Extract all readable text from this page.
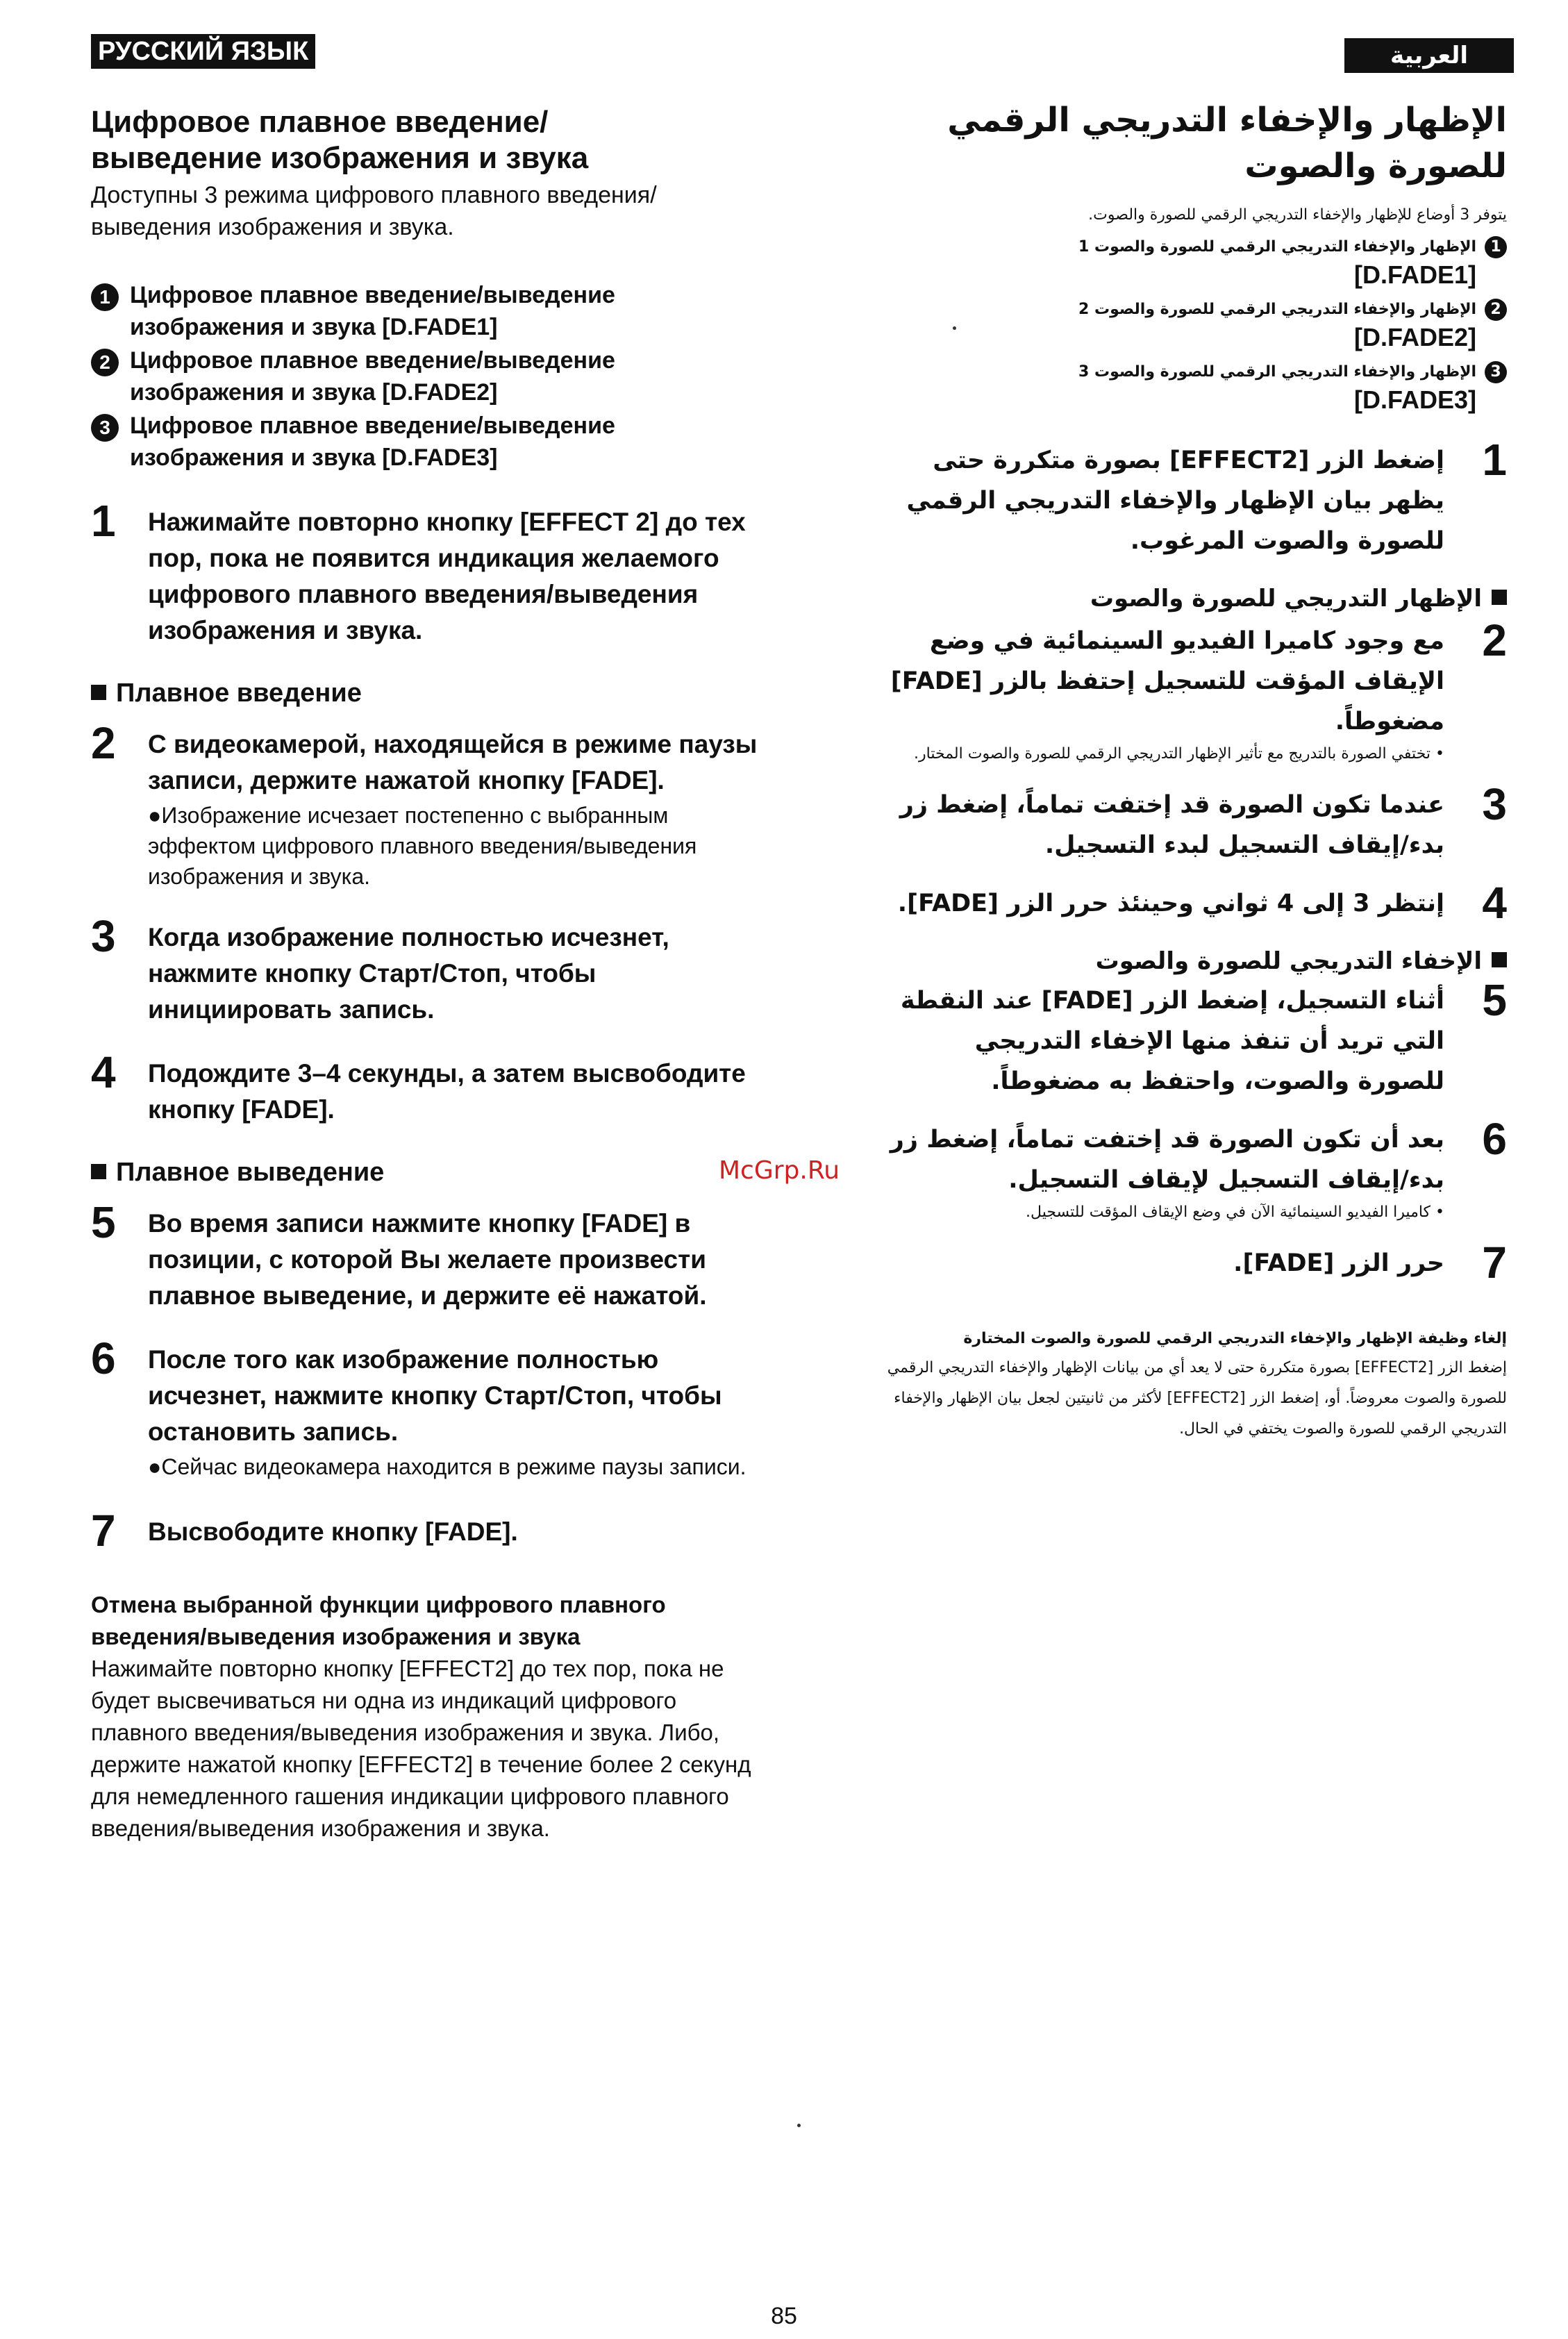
РУССКИЙ ЯЗЫК	العربية
Цифровое плавное введение/
выведение изображения и звука

Доступны 3 режима цифрового плавного введения/ выведения изображения и звука.

1 Цифровое плавное введение/выведение изображения и звука [D.FADE1]
2 Цифровое плавное введение/выведение изображения и звука [D.FADE2]
3 Цифровое плавное введение/выведение изображения и звука [D.FADE3]
1 Нажимайте повторно кнопку [EFFECT 2] до тех пор, пока не появится индикация желаемого цифрового плавного введения/выведения изображения и звука.
Плавное введение
2 С видеокамерой, находящейся в режиме паузы записи, держите нажатой кнопку [FADE].
●Изображение исчезает постепенно с выбранным эффектом цифрового плавного введения/выведения изображения и звука.
3 Когда изображение полностью исчезнет, нажмите кнопку Старт/Стоп, чтобы инициировать запись.
4 Подождите 3–4 секунды, а затем высвободите кнопку [FADE].
Плавное выведение
5 Во время записи нажмите кнопку [FADE] в позиции, с которой Вы желаете произвести плавное выведение, и держите её нажатой.
6 После того как изображение полностью исчезнет, нажмите кнопку Старт/Стоп, чтобы остановить запись.
●Сейчас видеокамера находится в режиме паузы записи.
7 Высвободите кнопку [FADE].
Отмена выбранной функции цифрового плавного введения/выведения изображения и звука
Нажимайте повторно кнопку [EFFECT2] до тех пор, пока не будет высвечиваться ни одна из индикаций цифрового плавного введения/выведения изображения и звука. Либо, держите нажатой кнопку [EFFECT2] в течение более 2 секунд для немедленного гашения индикации цифрового плавного введения/выведения изображения и звука.
الإظهار والإخفاء التدريجي الرقمي للصورة والصوت
يتوفر 3 أوضاع للإظهار والإخفاء التدريجي الرقمي للصورة والصوت.
1
الإظهار والإخفاء التدريجي الرقمي للصورة والصوت 1
[D.FADE1]
2
الإظهار والإخفاء التدريجي الرقمي للصورة والصوت 2
[D.FADE2]
3
الإظهار والإخفاء التدريجي الرقمي للصورة والصوت 3
[D.FADE3]
1
إضغط الزر [EFFECT2] بصورة متكررة حتى يظهر بيان الإظهار والإخفاء التدريجي الرقمي للصورة والصوت المرغوب.
الإظهار التدريجي للصورة والصوت
2
مع وجود كاميرا الفيديو السينمائية في وضع الإيقاف المؤقت للتسجيل إحتفظ بالزر [FADE] مضغوطاً.
• تختفي الصورة بالتدريج مع تأثير الإظهار التدريجي الرقمي للصورة والصوت المختار.
3
عندما تكون الصورة قد إختفت تماماً، إضغط زر بدء/إيقاف التسجيل لبدء التسجيل.
4
إنتظر 3 إلى 4 ثواني وحينئذ حرر الزر [FADE].
الإخفاء التدريجي للصورة والصوت
5
أثناء التسجيل، إضغط الزر [FADE] عند النقطة التي تريد أن تنفذ منها الإخفاء التدريجي للصورة والصوت، واحتفظ به مضغوطاً.
6
بعد أن تكون الصورة قد إختفت تماماً، إضغط زر بدء/إيقاف التسجيل لإيقاف التسجيل.
• كاميرا الفيديو السينمائية الآن في وضع الإيقاف المؤقت للتسجيل.
7
حرر الزر [FADE].
إلغاء وظيفة الإظهار والإخفاء التدريجي الرقمي للصورة والصوت المختارة
إضغط الزر [EFFECT2] بصورة متكررة حتى لا يعد أي من بيانات الإظهار والإخفاء التدريجي الرقمي للصورة والصوت معروضاً. أو، إضغط الزر [EFFECT2] لأكثر من ثانيتين لجعل بيان الإظهار والإخفاء التدريجي الرقمي للصورة والصوت يختفي في الحال.
McGrp.Ru
85
